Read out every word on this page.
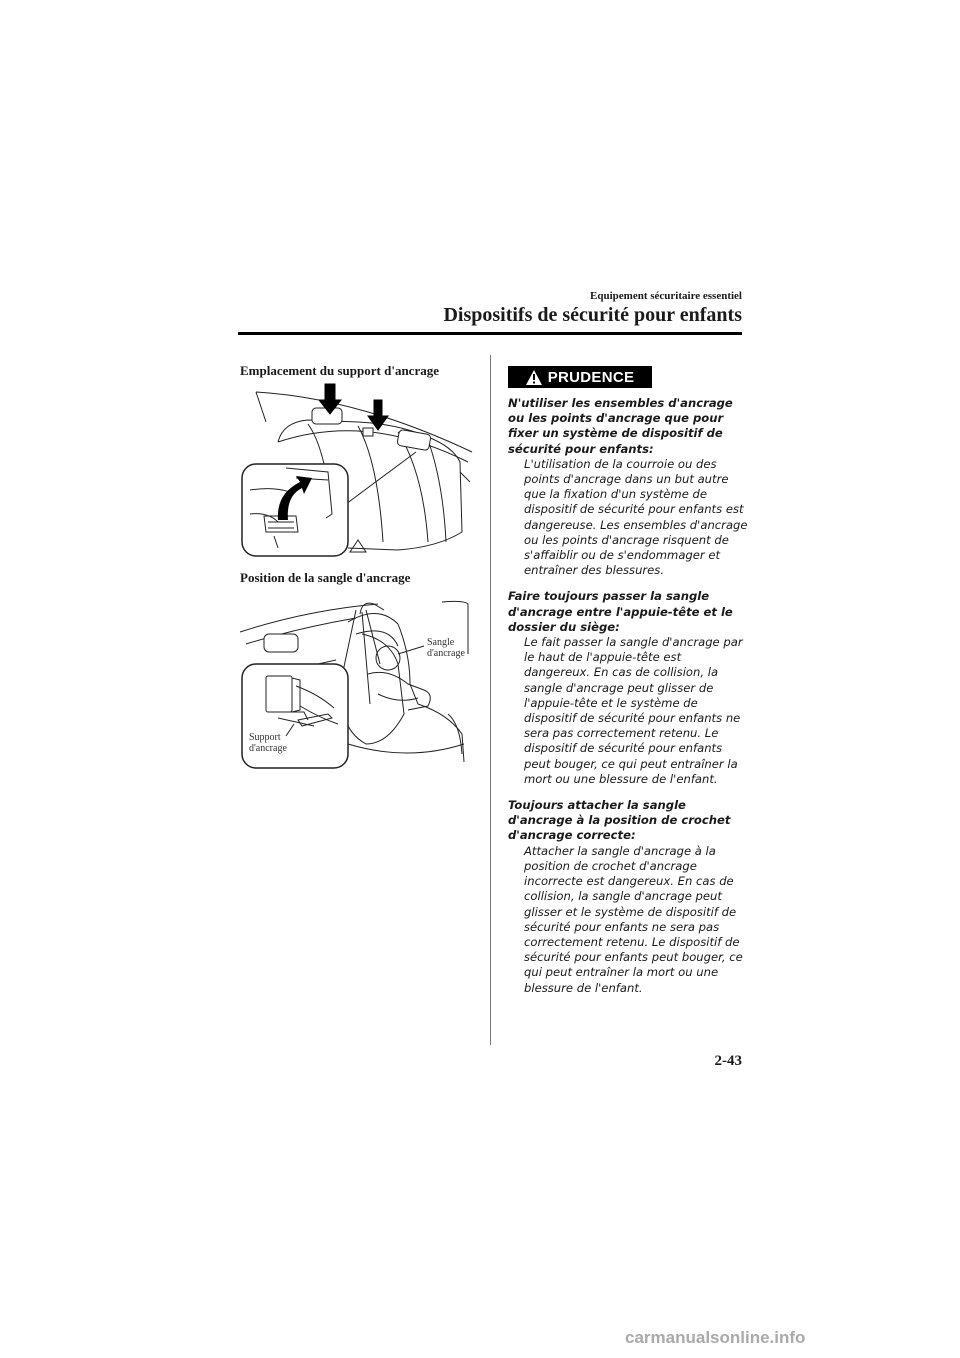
Equipement sécuritaire essentiel
Dispositifs de sécurité pour enfants
Emplacement du support d'ancrage
Position de la sangle d'ancrage
Sangle
d'ancrage
Support
d'ancrage
PRUDENCE

N'utiliser les ensembles d'ancrage ou les points d'ancrage que pour fixer un système de dispositif de sécurité pour enfants:

L'utilisation de la courroie ou des points d'ancrage dans un but autre que la fixation d'un système de dispositif de sécurité pour enfants est dangereuse. Les ensembles d'ancrage ou les points d'ancrage risquent de s'affaiblir ou de s'endommager et entraîner des blessures.

Faire toujours passer la sangle d'ancrage entre l'appuie-tête et le dossier du siège:

Le fait passer la sangle d'ancrage par le haut de l'appuie-tête est dangereux. En cas de collision, la sangle d'ancrage peut glisser de l'appuie-tête et le système de dispositif de sécurité pour enfants ne sera pas correctement retenu. Le dispositif de sécurité pour enfants peut bouger, ce qui peut entraîner la mort ou une blessure de l'enfant.

Toujours attacher la sangle d'ancrage à la position de crochet d'ancrage correcte:

Attacher la sangle d'ancrage à la position de crochet d'ancrage incorrecte est dangereux. En cas de collision, la sangle d'ancrage peut glisser et le système de dispositif de sécurité pour enfants ne sera pas correctement retenu. Le dispositif de sécurité pour enfants peut bouger, ce qui peut entraîner la mort ou une blessure de l'enfant.

2-43
carmanualsonline.info
